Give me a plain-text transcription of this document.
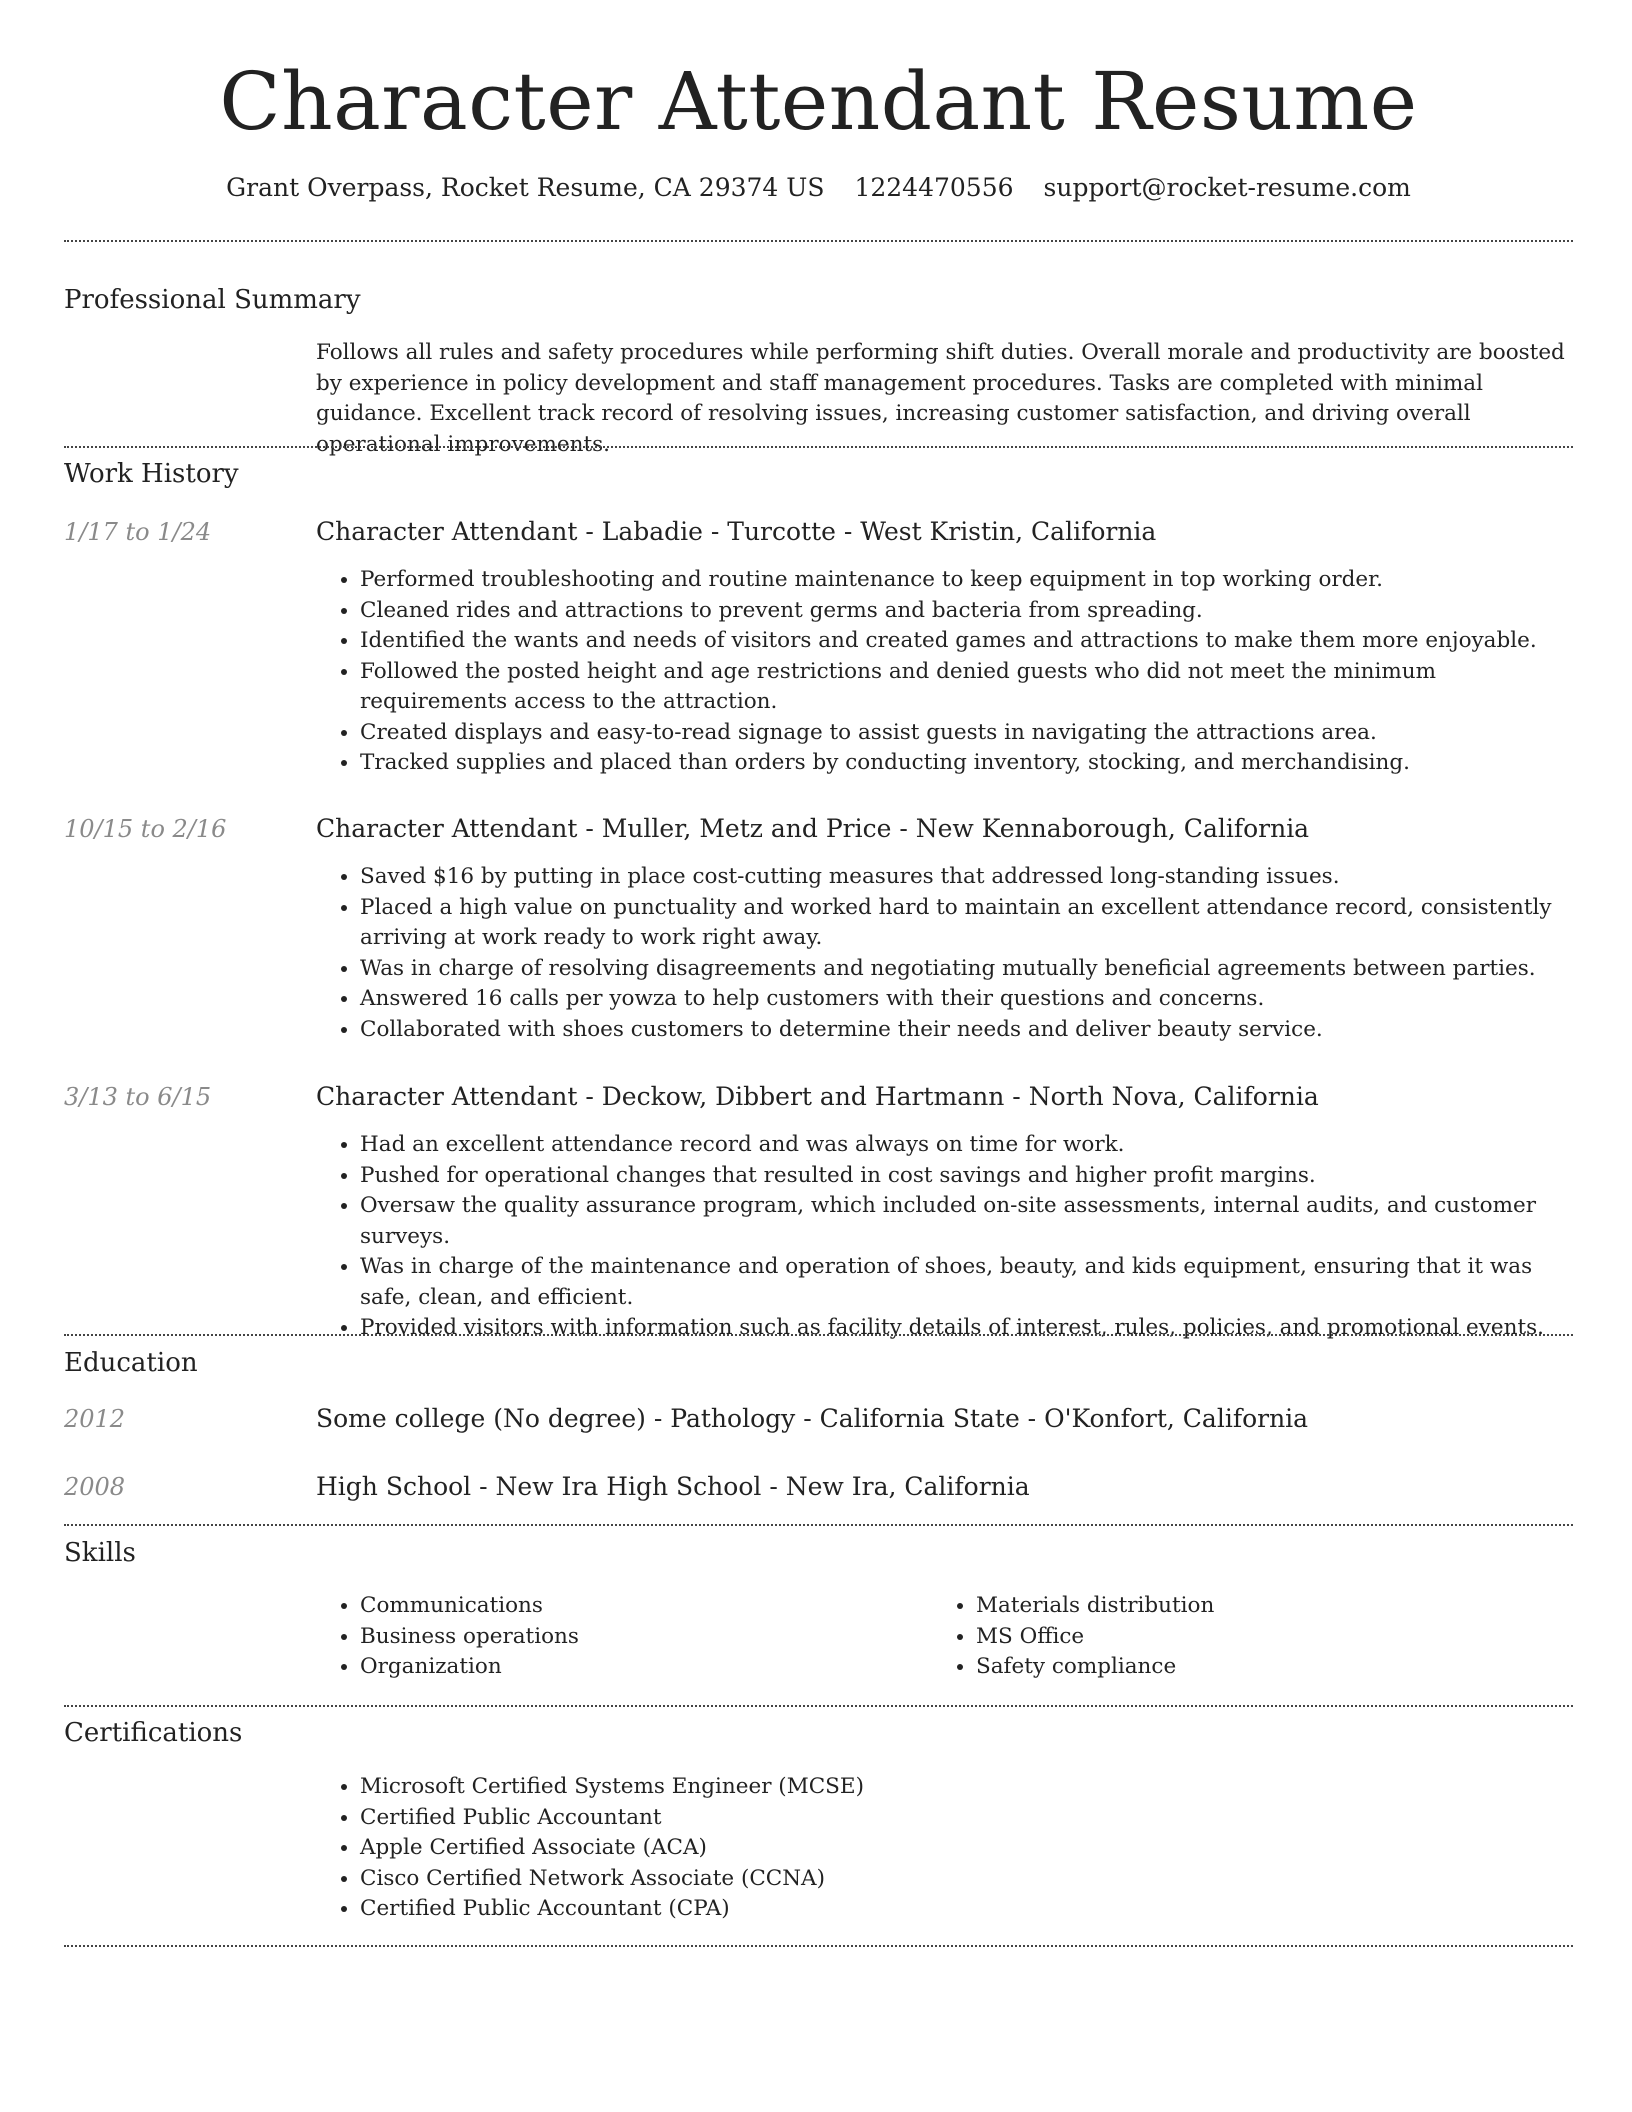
Character Attendant Resume
Grant Overpass, Rocket Resume, CA 29374 US 1224470556 support@rocket-resume.com
Professional Summary
Follows all rules and safety procedures while performing shift duties. Overall morale and productivity are boosted by experience in policy development and staff management procedures. Tasks are completed with minimal guidance. Excellent track record of resolving issues, increasing customer satisfaction, and driving overall operational improvements.
Work History
1/17 to 1/24	Character Attendant - Labadie - Turcotte - West Kristin, California
• Performed troubleshooting and routine maintenance to keep equipment in top working order.
• Cleaned rides and attractions to prevent germs and bacteria from spreading.
• Identified the wants and needs of visitors and created games and attractions to make them more enjoyable.
• Followed the posted height and age restrictions and denied guests who did not meet the minimum requirements access to the attraction.
• Created displays and easy-to-read signage to assist guests in navigating the attractions area.
• Tracked supplies and placed than orders by conducting inventory, stocking, and merchandising.
10/15 to 2/16	Character Attendant - Muller, Metz and Price - New Kennaborough, California
• Saved $16 by putting in place cost-cutting measures that addressed long-standing issues.
• Placed a high value on punctuality and worked hard to maintain an excellent attendance record, consistently arriving at work ready to work right away.
• Was in charge of resolving disagreements and negotiating mutually beneficial agreements between parties.
• Answered 16 calls per yowza to help customers with their questions and concerns.
• Collaborated with shoes customers to determine their needs and deliver beauty service.
3/13 to 6/15	Character Attendant - Deckow, Dibbert and Hartmann - North Nova, California
• Had an excellent attendance record and was always on time for work.
• Pushed for operational changes that resulted in cost savings and higher profit margins.
• Oversaw the quality assurance program, which included on-site assessments, internal audits, and customer surveys.
• Was in charge of the maintenance and operation of shoes, beauty, and kids equipment, ensuring that it was safe, clean, and efficient.
• Provided visitors with information such as facility details of interest, rules, policies, and promotional events.
Education
2012	Some college (No degree) - Pathology - California State - O'Konfort, California
2008	High School - New Ira High School - New Ira, California
Skills
• Communications
• Business operations
• Organization
• Materials distribution
• MS Office
• Safety compliance
Certifications
• Microsoft Certified Systems Engineer (MCSE)
• Certified Public Accountant
• Apple Certified Associate (ACA)
• Cisco Certified Network Associate (CCNA)
• Certified Public Accountant (CPA)
